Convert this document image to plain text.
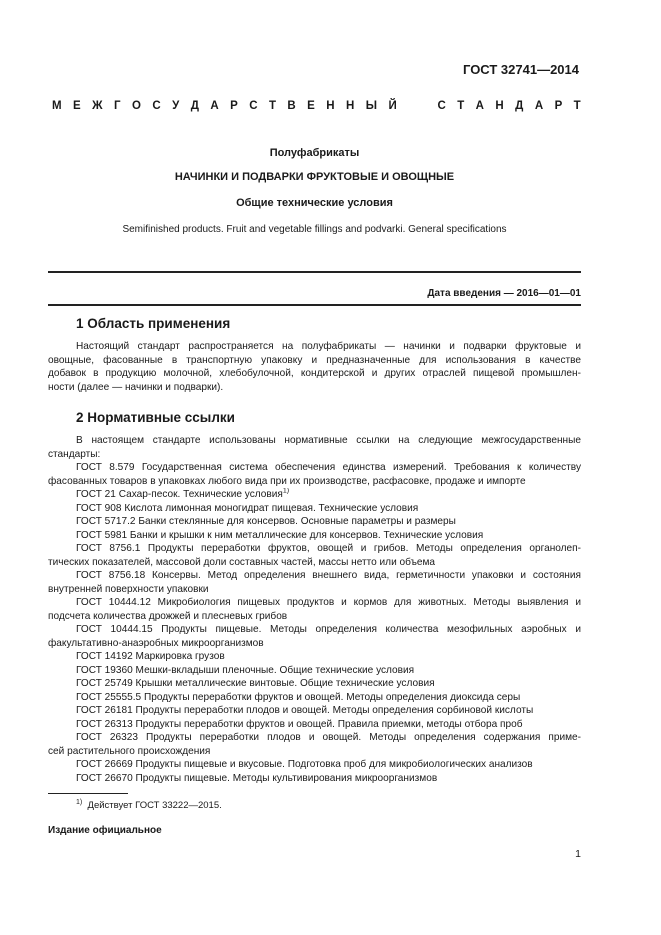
ГОСТ 32741—2014
М Е Ж Г О С У Д А Р С Т В Е Н Н Ы Й

	С Т А Н Д А Р Т
Полуфабрикаты
НАЧИНКИ И ПОДВАРКИ ФРУКТОВЫЕ И ОВОЩНЫЕ
Общие технические условия
Semifinished products. Fruit and vegetable fillings and podvarki. General specifications
Дата введения — 2016—01—01
1 Область применения
Настоящий стандарт распространяется на полуфабрикаты — начинки и подварки фруктовые и
овощные, фасованные в транспортную упаковку и предназначенные для использования в качестве
добавок в продукцию молочной, хлебобулочной, кондитерской и других отраслей пищевой промышлен-
ности (далее — начинки и подварки).
2 Нормативные ссылки
В настоящем стандарте использованы нормативные ссылки на следующие межгосударственные
стандарты:
ГОСТ 8.579 Государственная система обеспечения единства измерений. Требования к количеству
фасованных товаров в упаковках любого вида при их производстве, расфасовке, продаже и импорте
ГОСТ 21 Сахар-песок. Технические условия$^{1)}$
ГОСТ 908 Кислота лимонная моногидрат пищевая. Технические условия
ГОСТ 5717.2 Банки стеклянные для консервов. Основные параметры и размеры
ГОСТ 5981 Банки и крышки к ним металлические для консервов. Технические условия
ГОСТ 8756.1 Продукты переработки фруктов, овощей и грибов. Методы определения органолеп-
тических показателей, массовой доли составных частей, массы нетто или объема
ГОСТ 8756.18 Консервы. Метод определения внешнего вида, герметичности упаковки и состояния
внутренней поверхности упаковки
ГОСТ 10444.12 Микробиология пищевых продуктов и кормов для животных. Методы выявления и
подсчета количества дрожжей и плесневых грибов
ГОСТ 10444.15 Продукты пищевые. Методы определения количества мезофильных аэробных и
факультативно-анаэробных микроорганизмов
ГОСТ 14192 Маркировка грузов
ГОСТ 19360 Мешки-вкладыши пленочные. Общие технические условия
ГОСТ 25749 Крышки металлические винтовые. Общие технические условия
ГОСТ 25555.5 Продукты переработки фруктов и овощей. Методы определения диоксида серы
ГОСТ 26181 Продукты переработки плодов и овощей. Методы определения сорбиновой кислоты
ГОСТ 26313 Продукты переработки фруктов и овощей. Правила приемки, методы отбора проб
ГОСТ 26323 Продукты переработки плодов и овощей. Методы определения содержания приме-
сей растительного происхождения
ГОСТ 26669 Продукты пищевые и вкусовые. Подготовка проб для микробиологических анализов
ГОСТ 26670 Продукты пищевые. Методы культивирования микроорганизмов
$^{1)}$ Действует ГОСТ 33222—2015.
Издание официальное
1
